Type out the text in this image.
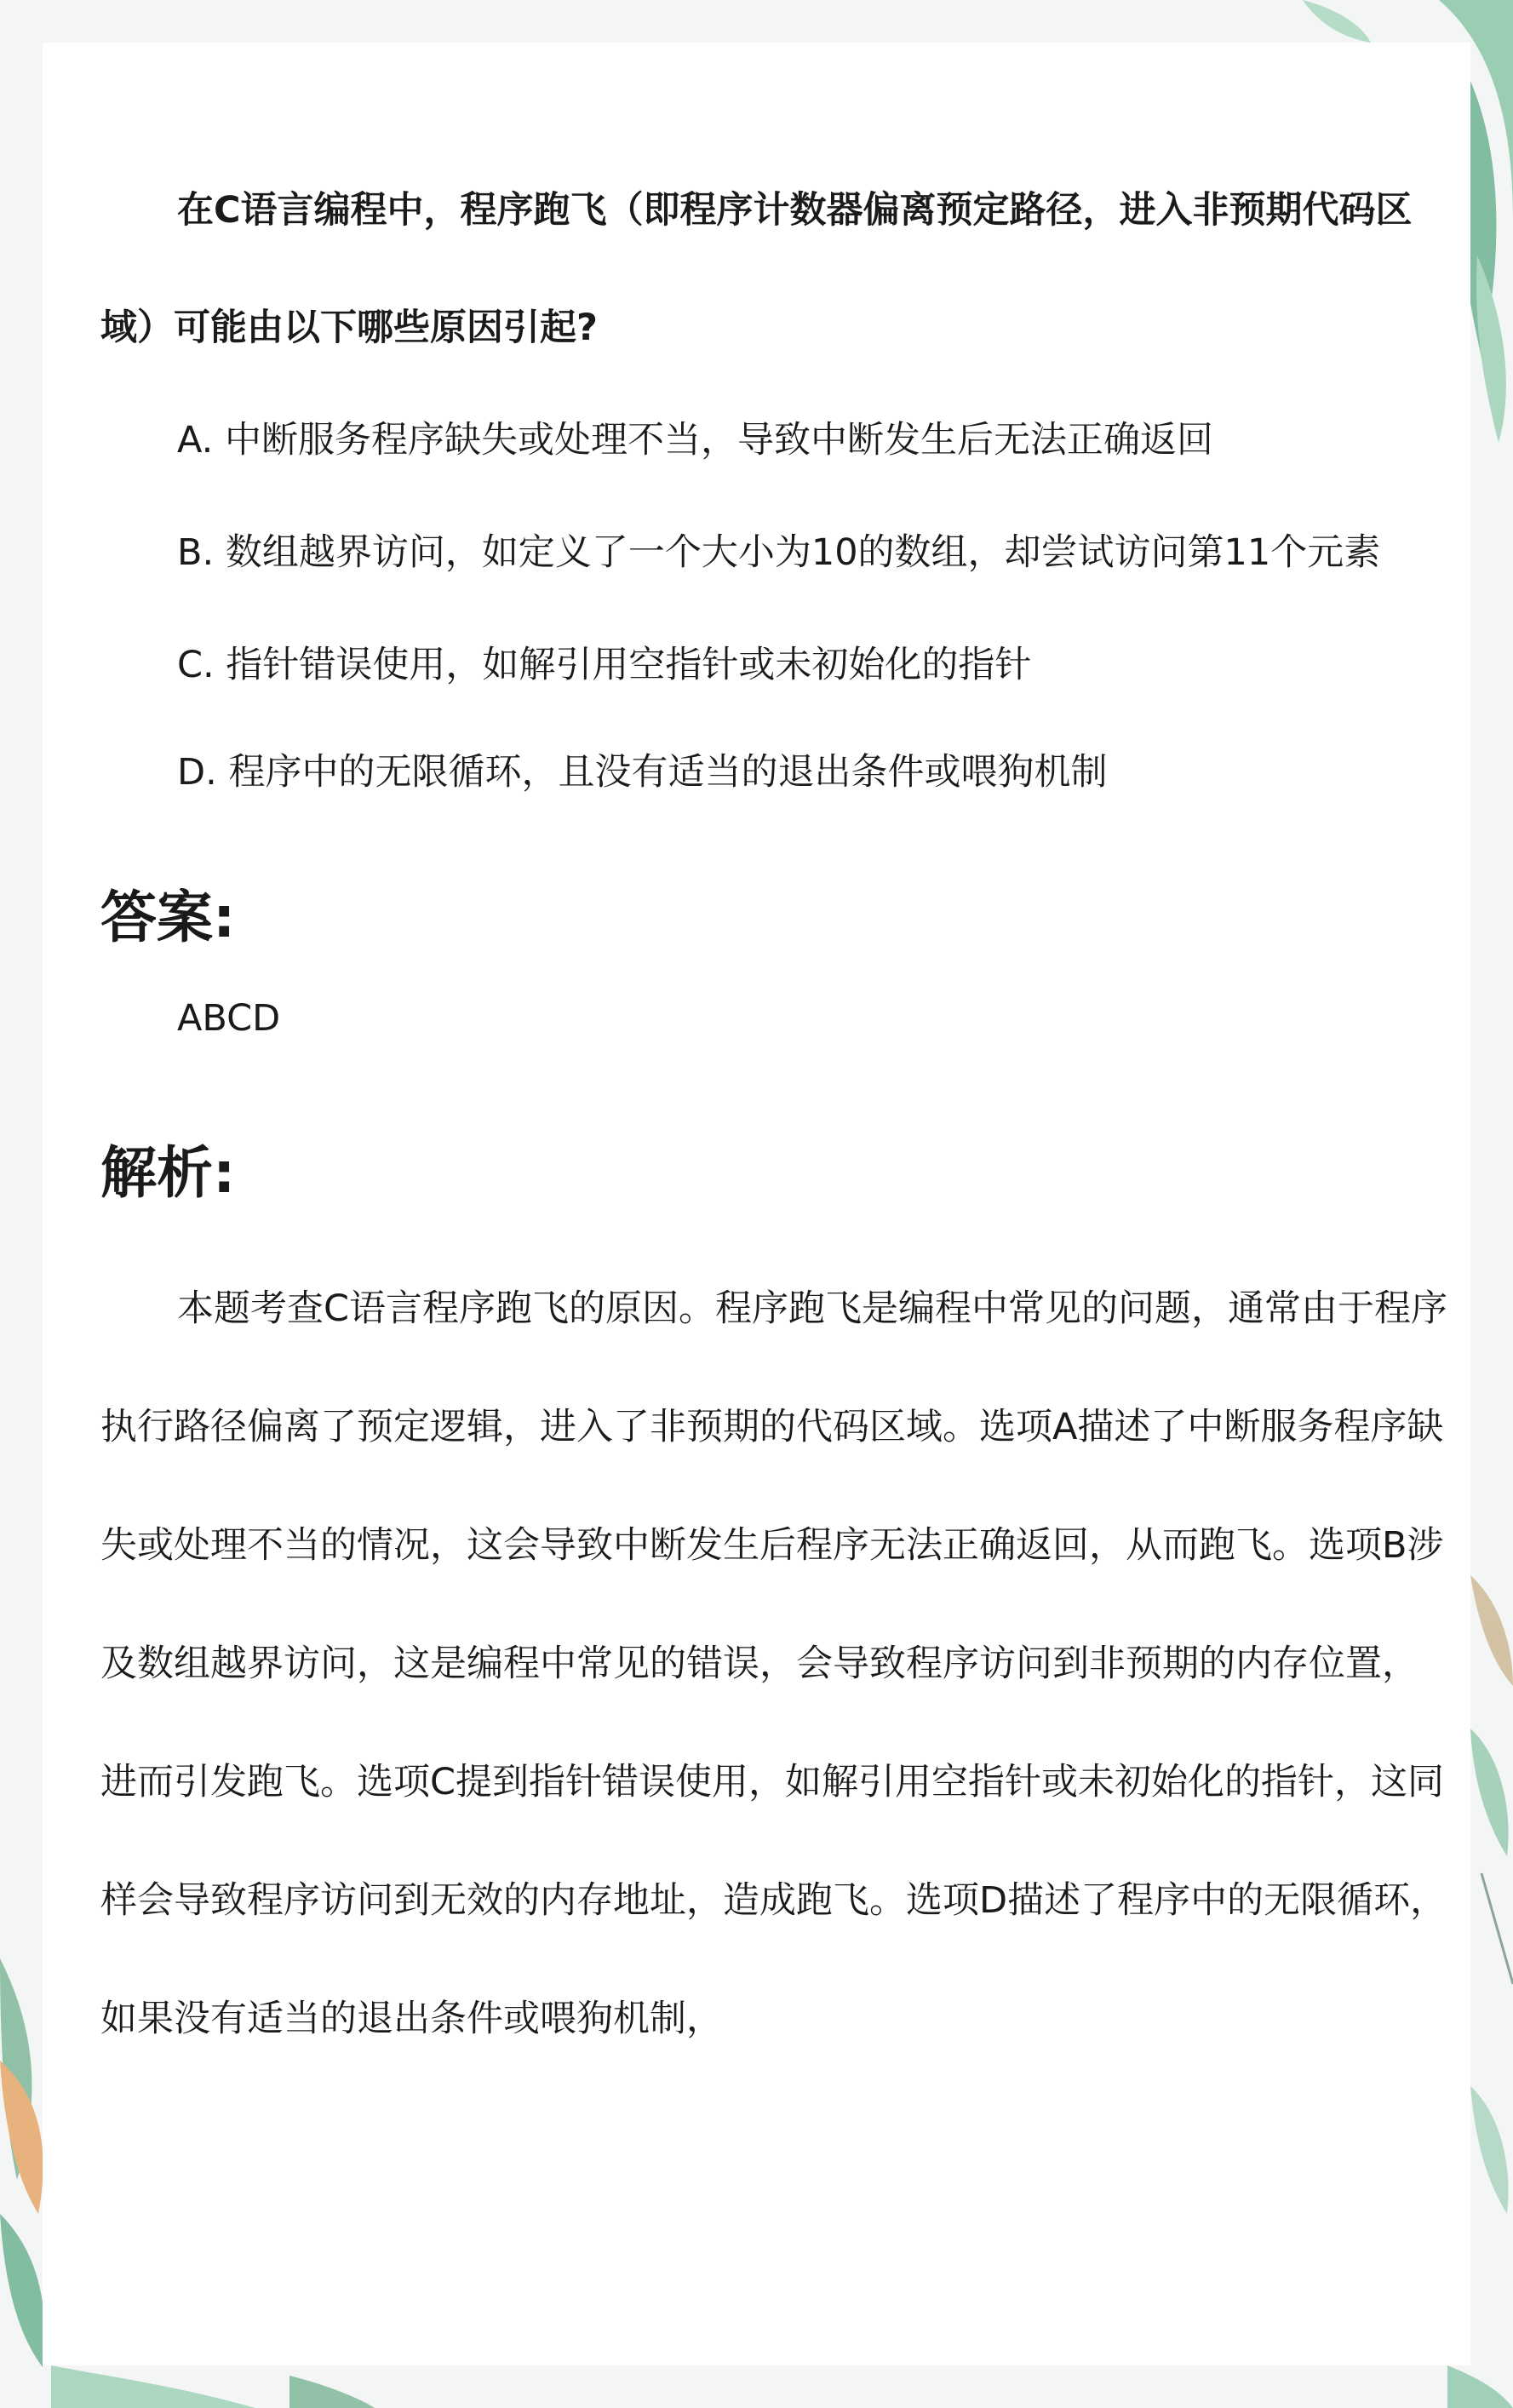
在C语言编程中，程序跑飞（即程序计数器偏离预定路径，进入非预期代码区域）可能由以下哪些原因引起?

A. 中断服务程序缺失或处理不当，导致中断发生后无法正确返回

B. 数组越界访问，如定义了一个大小为10的数组，却尝试访问第11个元素

C. 指针错误使用，如解引用空指针或未初始化的指针

D. 程序中的无限循环，且没有适当的退出条件或喂狗机制

答案:

ABCD

解析:

本题考查C语言程序跑飞的原因。程序跑飞是编程中常见的问题，通常由于程序执行路径偏离了预定逻辑，进入了非预期的代码区域。选项A描述了中断服务程序缺失或处理不当的情况，这会导致中断发生后程序无法正确返回，从而跑飞。选项B涉及数组越界访问，这是编程中常见的错误，会导致程序访问到非预期的内存位置，进而引发跑飞。选项C提到指针错误使用，如解引用空指针或未初始化的指针，这同样会导致程序访问到无效的内存地址，造成跑飞。选项D描述了程序中的无限循环，如果没有适当的退出条件或喂狗机制，
